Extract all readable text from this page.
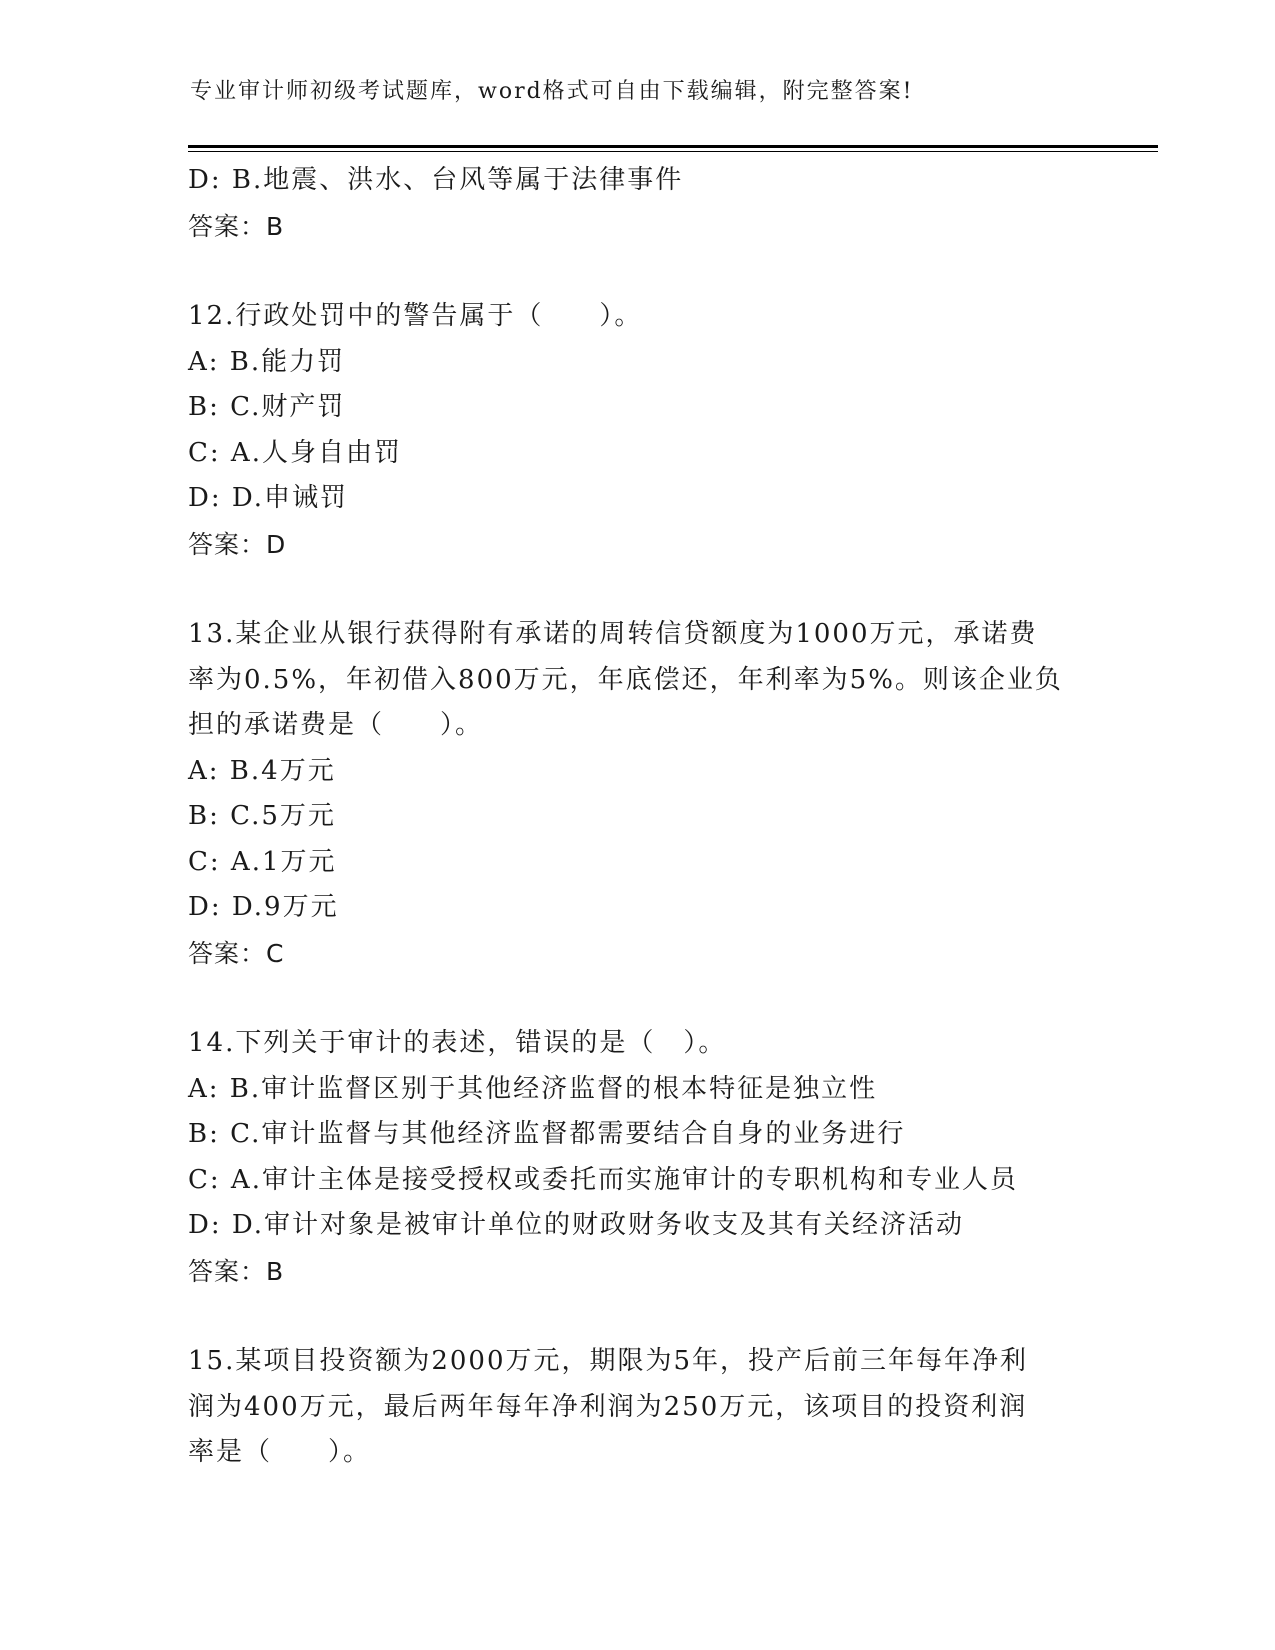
专业审计师初级考试题库，word格式可自由下载编辑，附完整答案!
D: B.地震、洪水、台风等属于法律事件
答案：B
12.行政处罚中的警告属于（　　）。
A: B.能力罚
B: C.财产罚
C: A.人身自由罚
D: D.申诫罚
答案：D
13.某企业从银行获得附有承诺的周转信贷额度为1000万元，承诺费
率为0.5%，年初借入800万元，年底偿还，年利率为5%。则该企业负
担的承诺费是（　　）。
A: B.4万元
B: C.5万元
C: A.1万元
D: D.9万元
答案：C
14.下列关于审计的表述，错误的是（　）。
A: B.审计监督区别于其他经济监督的根本特征是独立性
B: C.审计监督与其他经济监督都需要结合自身的业务进行
C: A.审计主体是接受授权或委托而实施审计的专职机构和专业人员
D: D.审计对象是被审计单位的财政财务收支及其有关经济活动
答案：B
15.某项目投资额为2000万元，期限为5年，投产后前三年每年净利
润为400万元，最后两年每年净利润为250万元，该项目的投资利润
率是（　　）。
